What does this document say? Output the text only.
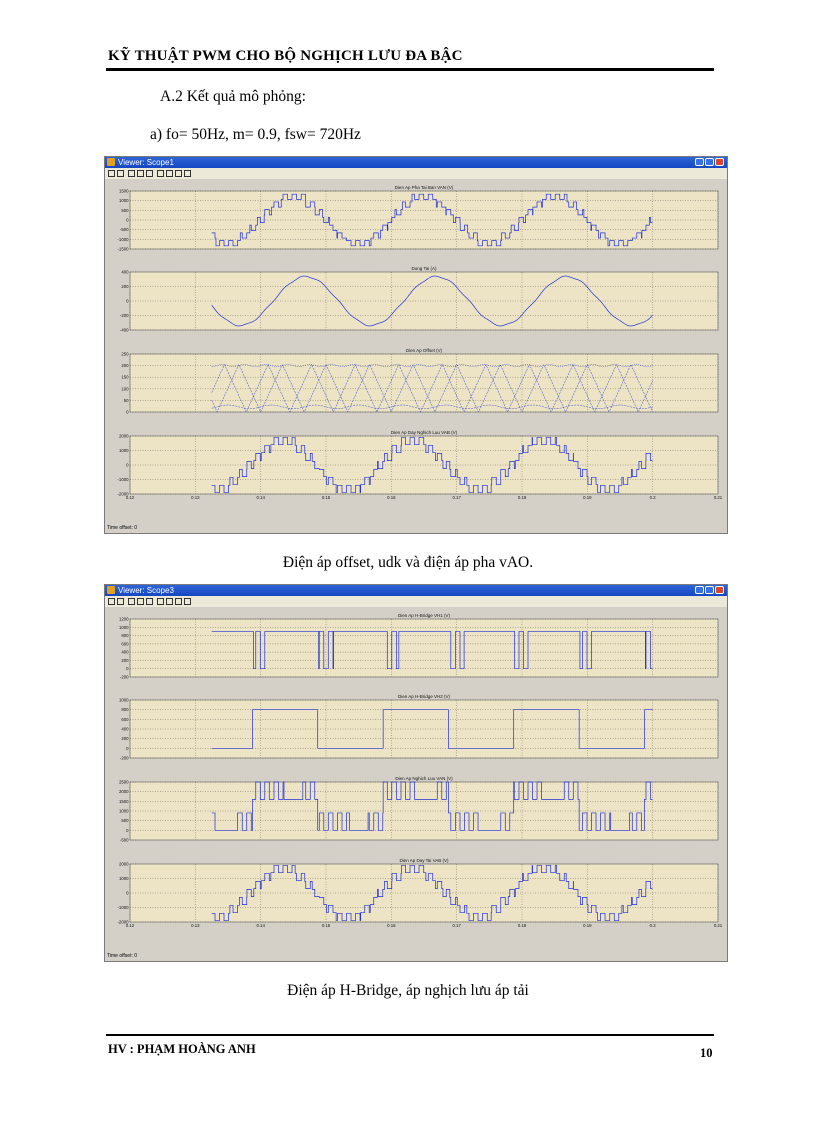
KỸ THUẬT PWM CHO BỘ NGHỊCH LƯU ĐA BẬC
A.2 Kết quả mô phỏng:
a) fo= 50Hz, m= 0.9, fsw= 720Hz
Viewer: Scope1
Dien Ap Pha Tai Ban VAN (V)
1500
1000
500
0
-500
-1000
-1500
Dong Tai (A)
400
200
0
-200
-400
Dien Ap Offset (V)
250
200
150
100
50
0
Dien Ap Day Nghich Luu VAB (V)
2000
1000
0
-1000
-2000
0.12	0.13	0.14	0.15	0.16	0.17	0.18	0.19	0.2	0.21
Time offset: 0
Điện áp offset, udk và điện áp pha vAO.
Viewer: Scope3
Dien Ap H-Bridge VH1 (V)
1200
1000
800
600
400
200
0
-200
Dien Ap H-Bridge VH2 (V)
1000
800
600
400
200
0
-200
Dien Ap Nghich Luu VAN (V)
2500
2000
1500
1000
500
0
-500
Dien Ap Day Tai VAB (V)
2000
1000
0
-1000
-2000
0.12	0.13	0.14	0.15	0.16	0.17	0.18	0.19	0.2	0.21
Time offset: 0
Điện áp H-Bridge, áp nghịch lưu áp tải
HV : PHẠM HOÀNG ANH	10
